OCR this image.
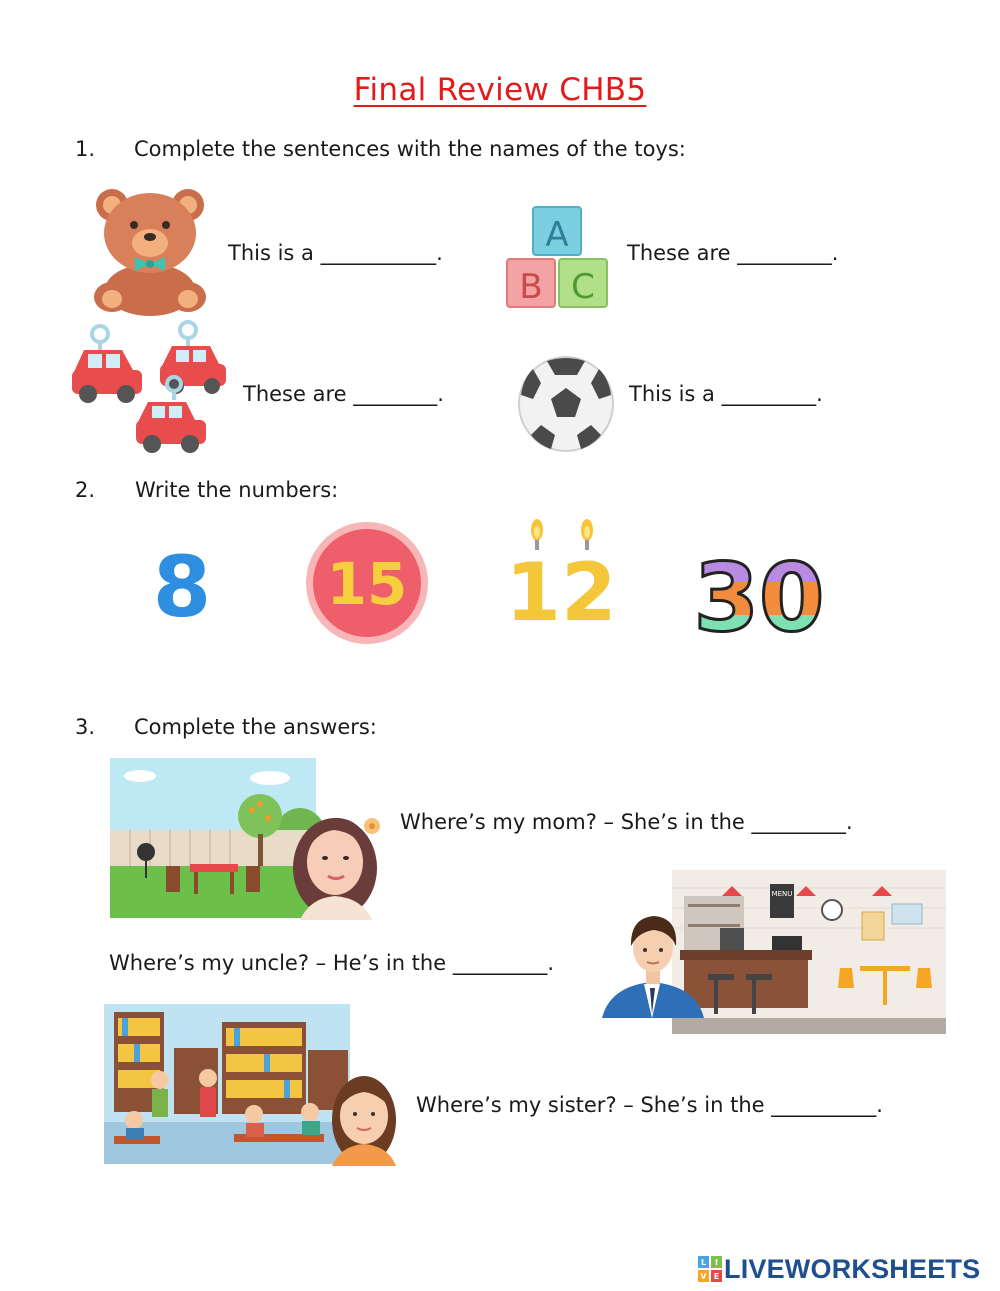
Final Review CHB5
1. Complete the sentences with the names of the toys:
This is a ___________.	A
B C
These are _________.
These are ________.	This is a _________.
2. Write the numbers:
8 15 12 30
3. Complete the answers:
Where’s my mom? – She’s in the _________.
Where’s my uncle? – He’s in the _________.
MENU
Where’s my sister? – She’s in the __________.
L I
V E LIVEWORKSHEETS
